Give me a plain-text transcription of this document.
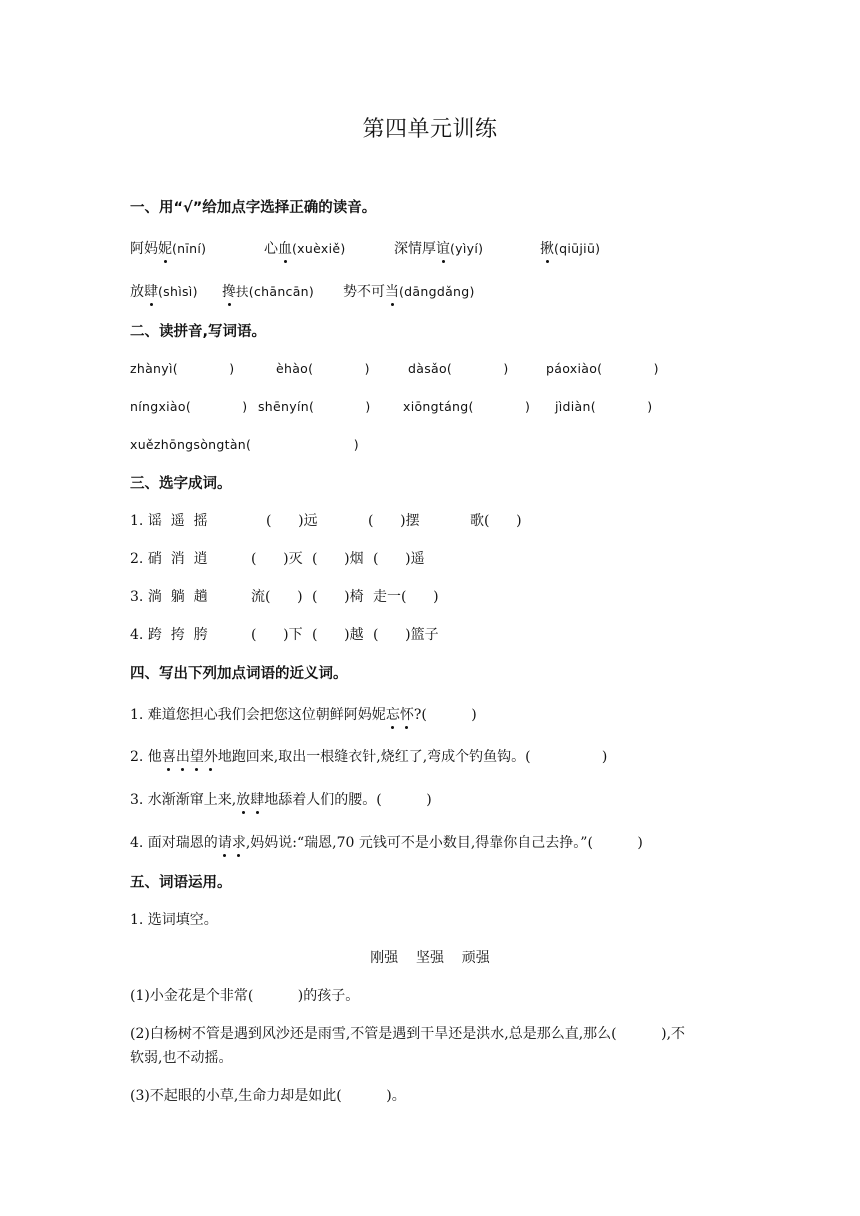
第四单元训练
一、用“√”给加点字选择正确的读音。
阿妈妮(nīní)	心血(xuèxiě)	深情厚谊(yìyí)	揪(qiūjiū)
放肆(shìsì) 搀扶(chāncān) 势不可当(dāngdǎng)
二、读拼音,写词语。
zhànyì(            )	èhào(            )	dàsǎo(            )	páoxiào(            )
níngxiào(            ) shēnyín(            )	xiōngtáng(            ) jìdiàn(            )
xuězhōngsòngtàn(                        )
三、选字成词。
1. 谣  遥  摇	(      )远	(      )摆	歌(      )
2. 硝  消  逍	(      )灭 (      )烟 (      )遥
3. 淌  躺  趟	流(      ) (      )椅 走一(      )
4. 跨  挎  胯	(      )下 (      )越 (      )篮子
四、写出下列加点词语的近义词。
1. 难道您担心我们会把您这位朝鲜阿妈妮忘怀?(          )
2. 他喜出望外地跑回来,取出一根缝衣针,烧红了,弯成个钓鱼钩。(                )
3. 水渐渐窜上来,放肆地舔着人们的腰。(          )
4. 面对瑞恩的请求,妈妈说:“瑞恩,70 元钱可不是小数目,得靠你自己去挣。”(          )
五、词语运用。
1. 选词填空。
刚强    坚强    顽强
(1)小金花是个非常(          )的孩子。
(2)白杨树不管是遇到风沙还是雨雪,不管是遇到干旱还是洪水,总是那么直,那么(          ),不
软弱,也不动摇。
(3)不起眼的小草,生命力却是如此(          )。
